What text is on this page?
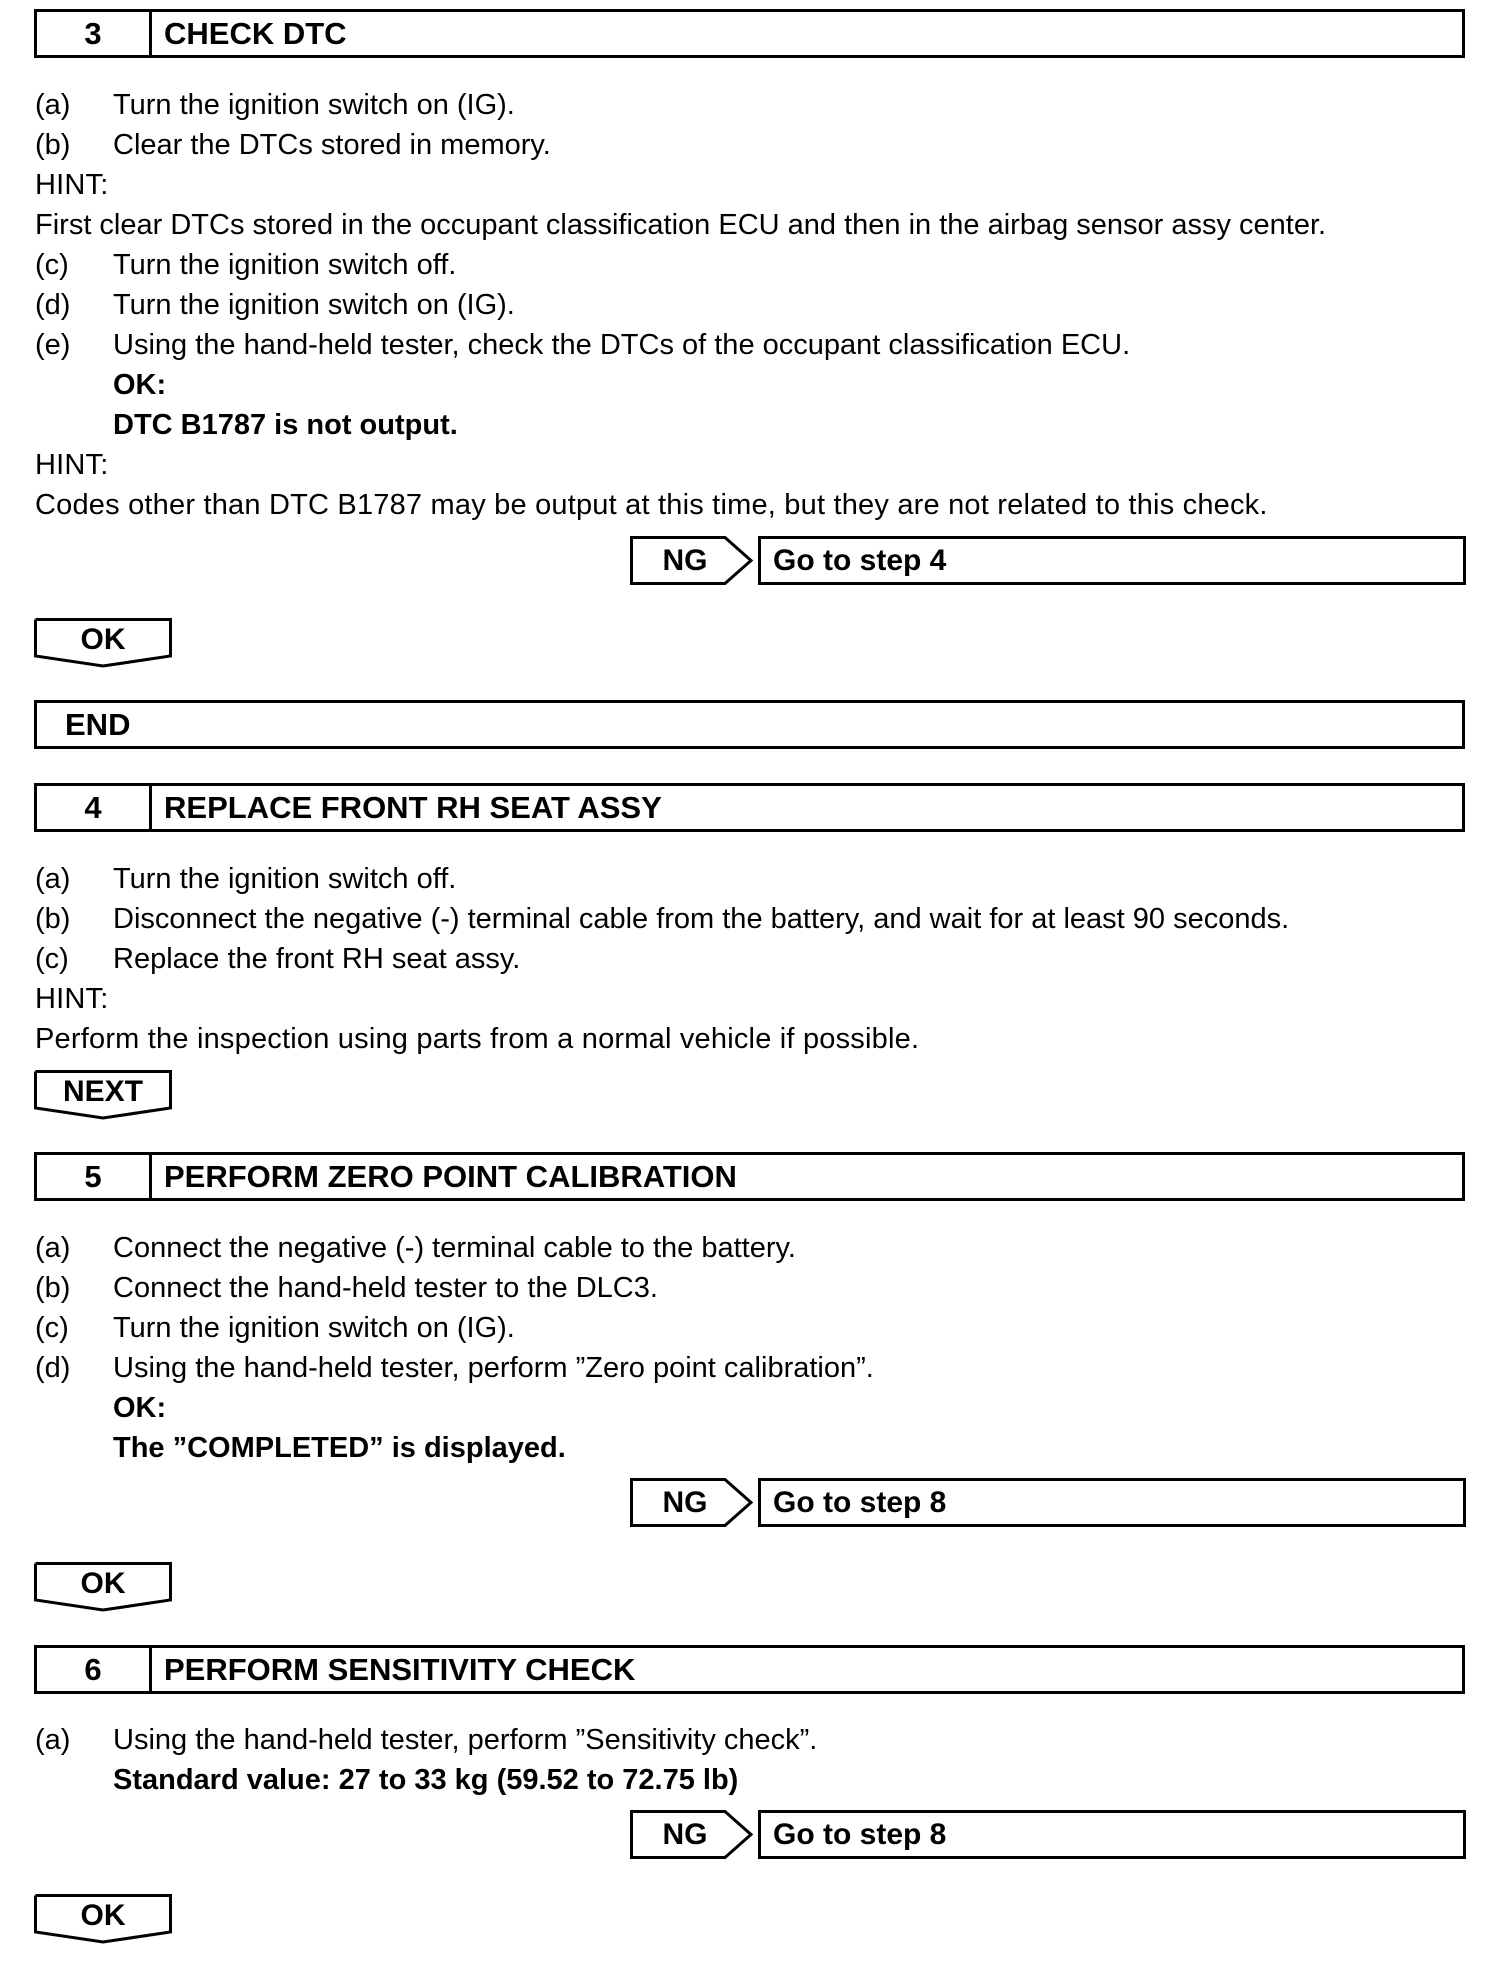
3	CHECK DTC
(a) Turn the ignition switch on (IG).
(b) Clear the DTCs stored in memory.
HINT:
First clear DTCs stored in the occupant classification ECU and then in the airbag sensor assy center.
(c) Turn the ignition switch off.
(d) Turn the ignition switch on (IG).
(e) Using the hand-held tester, check the DTCs of the occupant classification ECU.
OK:
DTC B1787 is not output.
HINT:
Codes other than DTC B1787 may be output at this time, but they are not related to this check.
NG	Go to step 4
OK
END
4	REPLACE FRONT RH SEAT ASSY
(a) Turn the ignition switch off.
(b) Disconnect the negative (-) terminal cable from the battery, and wait for at least 90 seconds.
(c) Replace the front RH seat assy.
HINT:
Perform the inspection using parts from a normal vehicle if possible.
NEXT
5	PERFORM ZERO POINT CALIBRATION
(a) Connect the negative (-) terminal cable to the battery.
(b) Connect the hand-held tester to the DLC3.
(c) Turn the ignition switch on (IG).
(d) Using the hand-held tester, perform ”Zero point calibration”.
OK:
The ”COMPLETED” is displayed.
NG	Go to step 8
OK
6	PERFORM SENSITIVITY CHECK
(a) Using the hand-held tester, perform ”Sensitivity check”.
Standard value: 27 to 33 kg (59.52 to 72.75 lb)
NG	Go to step 8
OK
